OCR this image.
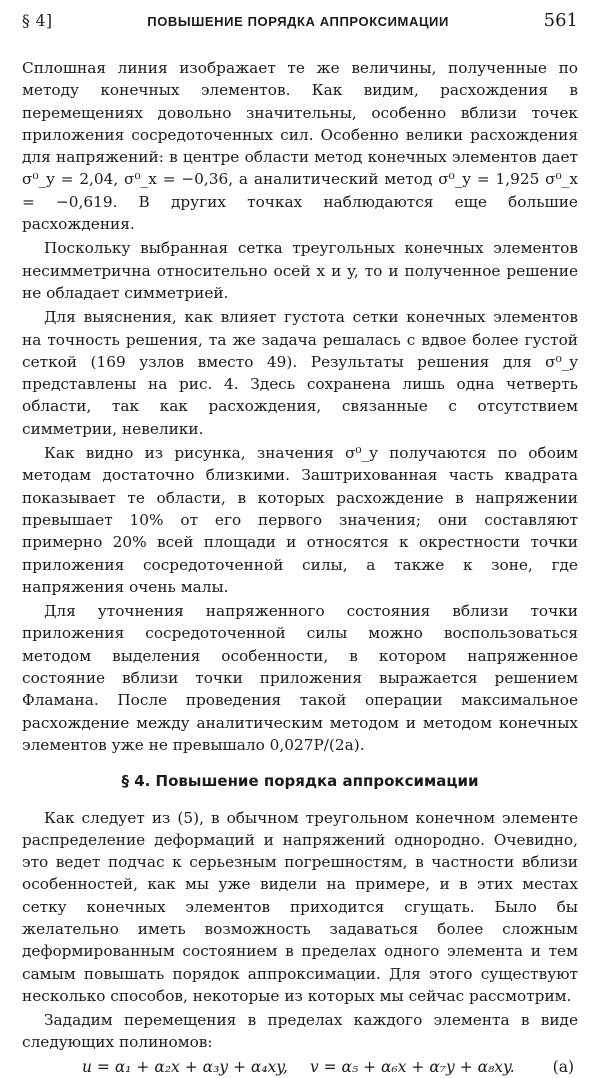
§ 4]	ПОВЫШЕНИЕ ПОРЯДКА АППРОКСИМАЦИИ	561

Сплошная линия изображает те же величины, полученные по методу конечных элементов. Как видим, расхождения в перемещениях довольно значительны, особенно вблизи точек приложения сосредоточенных сил. Особенно велики расхождения для напряжений: в центре области метод конечных элементов дает σ⁰_y = 2,04, σ⁰_x = −0,36, а аналитический метод σ⁰_y = 1,925 σ⁰_x = −0,619. В других точках наблюдаются еще большие расхождения.

Поскольку выбранная сетка треугольных конечных элементов несимметрична относительно осей x и y, то и полученное решение не обладает симметрией.

Для выяснения, как влияет густота сетки конечных элементов на точность решения, та же задача решалась с вдвое более густой сеткой (169 узлов вместо 49). Результаты решения для σ⁰_y представлены на рис. 4. Здесь сохранена лишь одна четверть области, так как расхождения, связанные с отсутствием симметрии, невелики.

Как видно из рисунка, значения σ⁰_y получаются по обоим методам достаточно близкими. Заштрихованная часть квадрата показывает те области, в которых расхождение в напряжении превышает 10% от его первого значения; они составляют примерно 20% всей площади и относятся к окрестности точки приложения сосредоточенной силы, а также к зоне, где напряжения очень малы.

Для уточнения напряженного состояния вблизи точки приложения сосредоточенной силы можно воспользоваться методом выделения особенности, в котором напряженное состояние вблизи точки приложения выражается решением Фламана. После проведения такой операции максимальное расхождение между аналитическим методом и методом конечных элементов уже не превышало 0,027P/(2a).

§ 4. Повышение порядка аппроксимации

Как следует из (5), в обычном треугольном конечном элементе распределение деформаций и напряжений однородно. Очевидно, это ведет подчас к серьезным погрешностям, в частности вблизи особенностей, как мы уже видели на примере, и в этих местах сетку конечных элементов приходится сгущать. Было бы желательно иметь возможность задаваться более сложным деформированным состоянием в пределах одного элемента и тем самым повышать порядок аппроксимации. Для этого существуют несколько способов, некоторые из которых мы сейчас рассмотрим.

Зададим перемещения в пределах каждого элемента в виде следующих полиномов:

u = α₁ + α₂x + α₃y + α₄xy, v = α₅ + α₆x + α₇y + α₈xy. (a)
